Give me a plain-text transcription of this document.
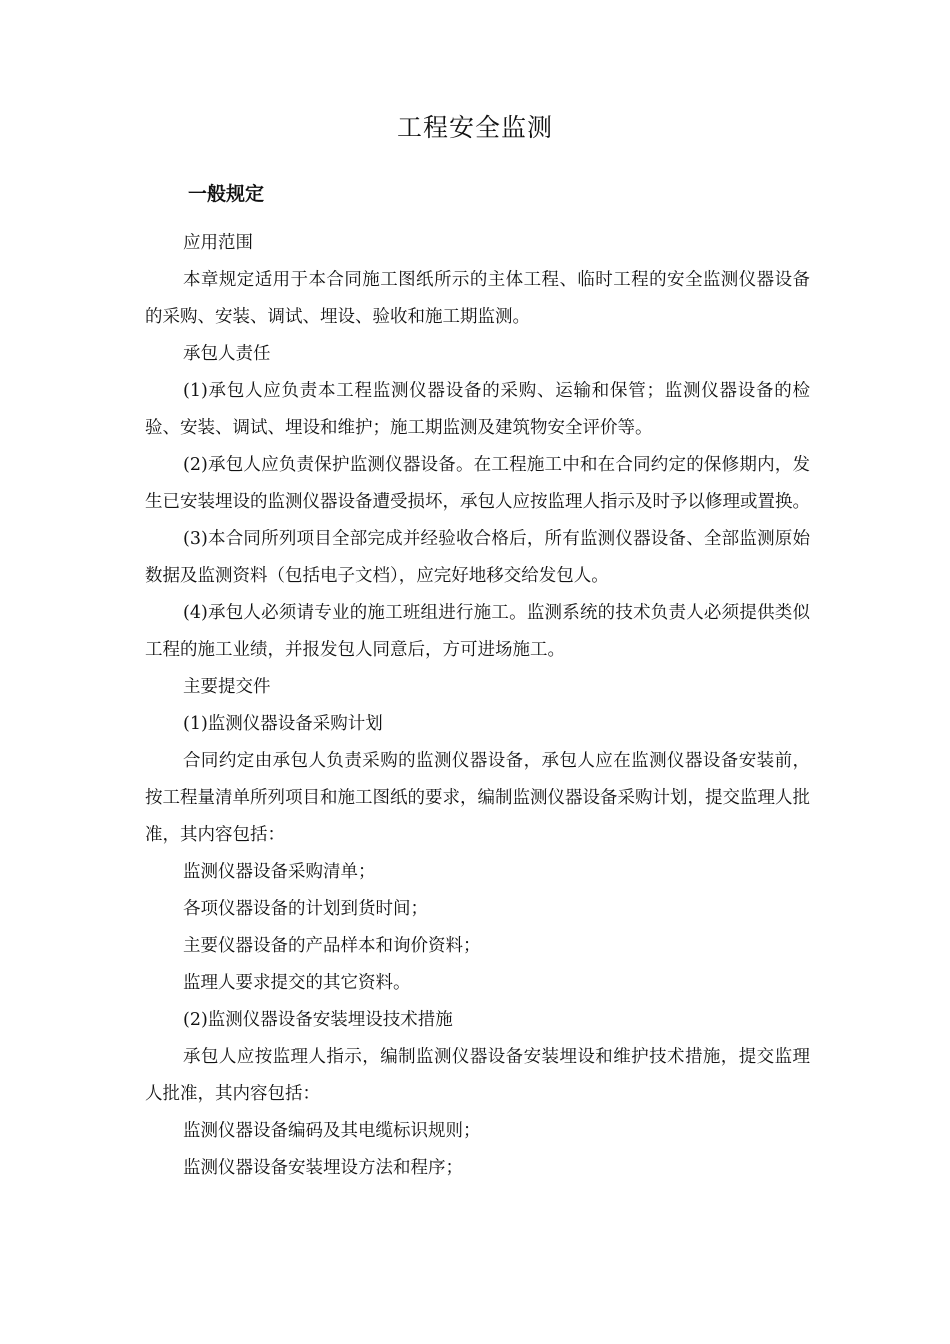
工程安全监测
一般规定

应用范围

本章规定适用于本合同施工图纸所示的主体工程、临时工程的安全监测仪器设备的采购、安装、调试、埋设、验收和施工期监测。

承包人责任

(1)承包人应负责本工程监测仪器设备的采购、运输和保管；监测仪器设备的检验、安装、调试、埋设和维护；施工期监测及建筑物安全评价等。

(2)承包人应负责保护监测仪器设备。在工程施工中和在合同约定的保修期内，发生已安装埋设的监测仪器设备遭受损坏，承包人应按监理人指示及时予以修理或置换。

(3)本合同所列项目全部完成并经验收合格后，所有监测仪器设备、全部监测原始数据及监测资料（包括电子文档），应完好地移交给发包人。

(4)承包人必须请专业的施工班组进行施工。监测系统的技术负责人必须提供类似工程的施工业绩，并报发包人同意后，方可进场施工。

主要提交件

(1)监测仪器设备采购计划

合同约定由承包人负责采购的监测仪器设备，承包人应在监测仪器设备安装前，按工程量清单所列项目和施工图纸的要求，编制监测仪器设备采购计划，提交监理人批准，其内容包括：

监测仪器设备采购清单；

各项仪器设备的计划到货时间；

主要仪器设备的产品样本和询价资料；

监理人要求提交的其它资料。

(2)监测仪器设备安装埋设技术措施

承包人应按监理人指示，编制监测仪器设备安装埋设和维护技术措施，提交监理人批准，其内容包括：

监测仪器设备编码及其电缆标识规则；

监测仪器设备安装埋设方法和程序；
